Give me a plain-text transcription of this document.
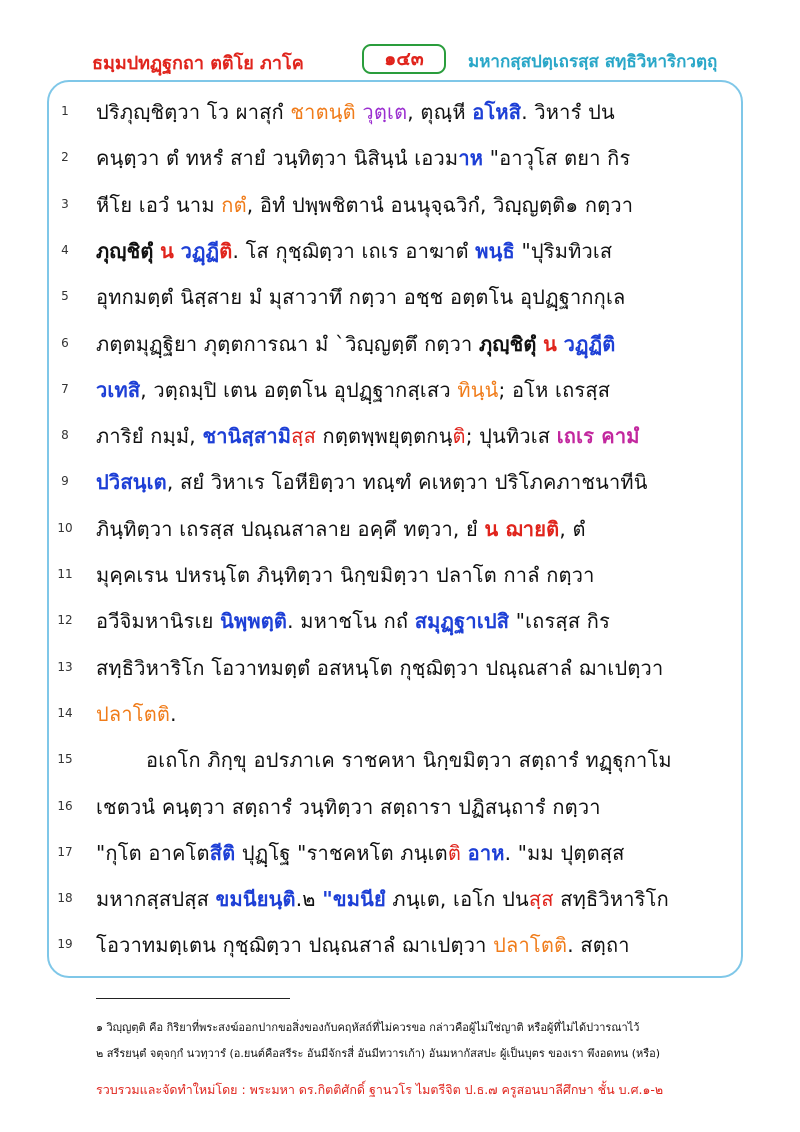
ธมฺมปทฏฺฐกถา ตติโย ภาโค	๑๔๓	มหากสฺสปตฺเถรสฺส สทฺธิวิหาริกวตฺถุ
1	ปริภุญฺชิตฺวา โว ผาสุกํ ชาตนฺติ วุตฺเต, ตุณฺหี อโหสิ. วิหารํ ปน
2	คนฺตฺวา ตํ ทหรํ สายํ วนฺทิตฺวา นิสินฺนํ เอวมาห "อาวุโส ตยา กิร
3	หีโย เอวํ นาม กตํ, อิทํ ปพฺพชิตานํ อนนุจฺฉวิกํ, วิญฺญตฺติ๑ กตฺวา
4	ภุญฺชิตุํ น วฏฺฏีติ. โส กุชฺฌิตฺวา เถเร อาฆาตํ พนฺธิ "ปุริมทิวเส
5	อุทกมตฺตํ นิสฺสาย มํ มุสาวาทึ กตฺวา อชฺช อตฺตโน อุปฏฺฐากกุเล
6	ภตฺตมุฏฺฐิยา ภุตฺตการณา มํ `วิญฺญตฺตึ กตฺวา ภุญฺชิตุํ น วฏฺฏีติ
7	วเทสิ, วตฺถมฺปิ เตน อตฺตโน อุปฏฺฐากสฺเสว ทินฺนํ; อโห เถรสฺส
8	ภาริยํ กมฺมํ, ชานิสฺสามิสฺส กตฺตพฺพยุตฺตกนฺติ; ปุนทิวเส เถเร คามํ
9	ปวิสนฺเต, สยํ วิหาเร โอหียิตฺวา ทณฺฑํ คเหตฺวา ปริโภคภาชนาทีนิ
10	ภินฺทิตฺวา เถรสฺส ปณฺณสาลาย อคฺคึ ทตฺวา, ยํ น ฌายติ, ตํ
11	มุคฺคเรน ปหรนฺโต ภินฺทิตฺวา นิกฺขมิตฺวา ปลาโต กาลํ กตฺวา
12	อวีจิมหานิรเย นิพฺพตฺติ. มหาชโน กถํ สมุฏฺฐาเปสิ "เถรสฺส กิร
13	สทฺธิวิหาริโก โอวาทมตฺตํ อสหนฺโต กุชฺฌิตฺวา ปณฺณสาลํ ฌาเปตฺวา
14	ปลาโตติ.
15	อเถโก ภิกฺขุ อปรภาเค ราชคหา นิกฺขมิตฺวา สตฺถารํ ทฏฺฐุกาโม
16	เชตวนํ คนฺตฺวา สตฺถารํ วนฺทิตฺวา สตฺถารา ปฏิสนฺถารํ กตฺวา
17	"กุโต อาคโตสีติ ปุฏฺโฐ "ราชคหโต ภนฺเตติ อาห. "มม ปุตฺตสฺส
18	มหากสฺสปสฺส ขมนียนฺติ.๒ "ขมนียํ ภนฺเต, เอโก ปนสฺส สทฺธิวิหาริโก
19	โอวาทมตฺเตน กุชฺฌิตฺวา ปณฺณสาลํ ฌาเปตฺวา ปลาโตติ. สตฺถา
๑ วิญฺญตฺติ คือ กิริยาที่พระสงฆ์ออกปากขอสิ่งของกับคฤหัสถ์ที่ไม่ควรขอ กล่าวคือผู้ไม่ใช่ญาติ หรือผู้ที่ไม่ได้ปวารณาไว้
๒ สรีรยนฺตํ จตุจกฺกํ นวทฺวารํ (อ.ยนต์คือสรีระ อันมีจักรสี่ อันมีทวารเก้า) อันมหากัสสปะ ผู้เป็นบุตร ของเรา พึงอดทน (หรือ)
รวบรวมและจัดทำใหม่โดย : พระมหา ดร.กิตติศักดิ์ ฐานวโร ไมตรีจิต ป.ธ.๗ ครูสอนบาลีศึกษา ชั้น บ.ศ.๑-๒
